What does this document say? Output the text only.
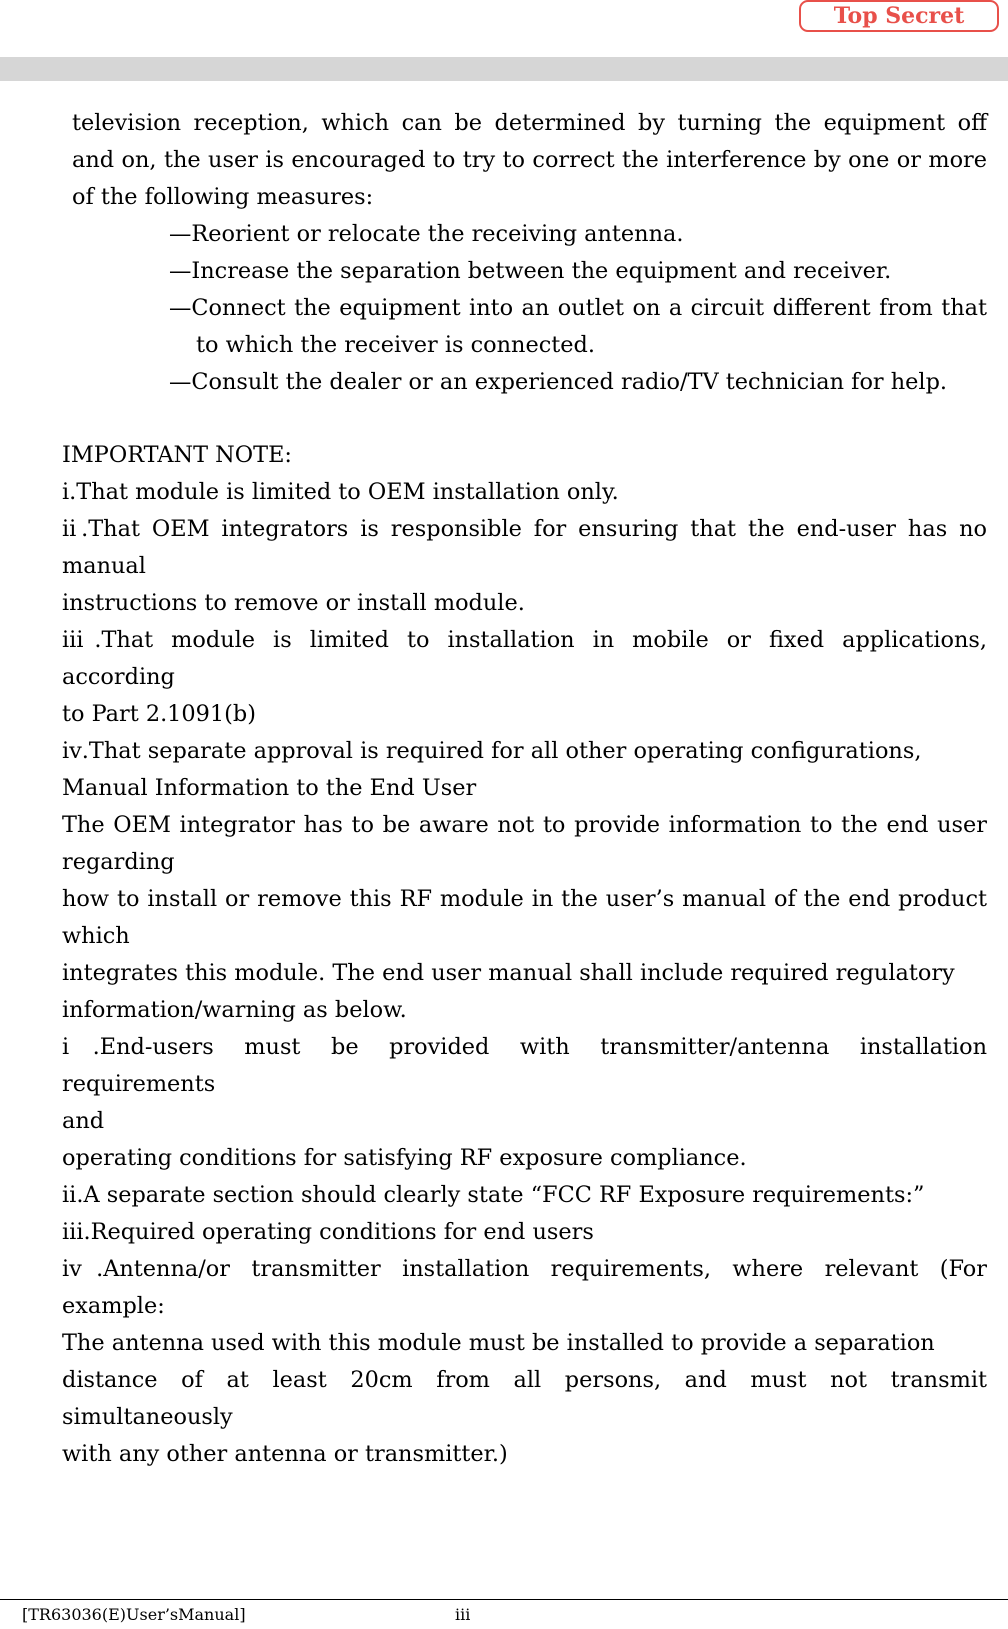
Top Secret
television reception, which can be determined by turning the equipment off
and on, the user is encouraged to try to correct the interference by one or more
of the following measures:
—Reorient or relocate the receiving antenna.
—Increase the separation between the equipment and receiver.
—Connect the equipment into an outlet on a circuit different from that
to which the receiver is connected.
—Consult the dealer or an experienced radio/TV technician for help.
IMPORTANT NOTE:
ⅰ.That module is limited to OEM installation only.
ⅱ.That OEM integrators is responsible for ensuring that the end-user has no
manual
instructions to remove or install module.
ⅲ.That module is limited to installation in mobile or fixed applications,
according
to Part 2.1091(b)
ⅳ.That separate approval is required for all other operating configurations,
Manual Information to the End User
The OEM integrator has to be aware not to provide information to the end user
regarding
how to install or remove this RF module in the user’s manual of the end product
which
integrates this module. The end user manual shall include required regulatory
information/warning as below.
ⅰ.End-users must be provided with transmitter/antenna installation
requirements
and
operating conditions for satisfying RF exposure compliance.
ⅱ.A separate section should clearly state “FCC RF Exposure requirements:”
ⅲ.Required operating conditions for end users
ⅳ.Antenna/or transmitter installation requirements, where relevant (For
example:
The antenna used with this module must be installed to provide a separation
distance of at least 20cm from all persons, and must not transmit
simultaneously
with any other antenna or transmitter.)
[TR63036(E)User’sManual]	iii
